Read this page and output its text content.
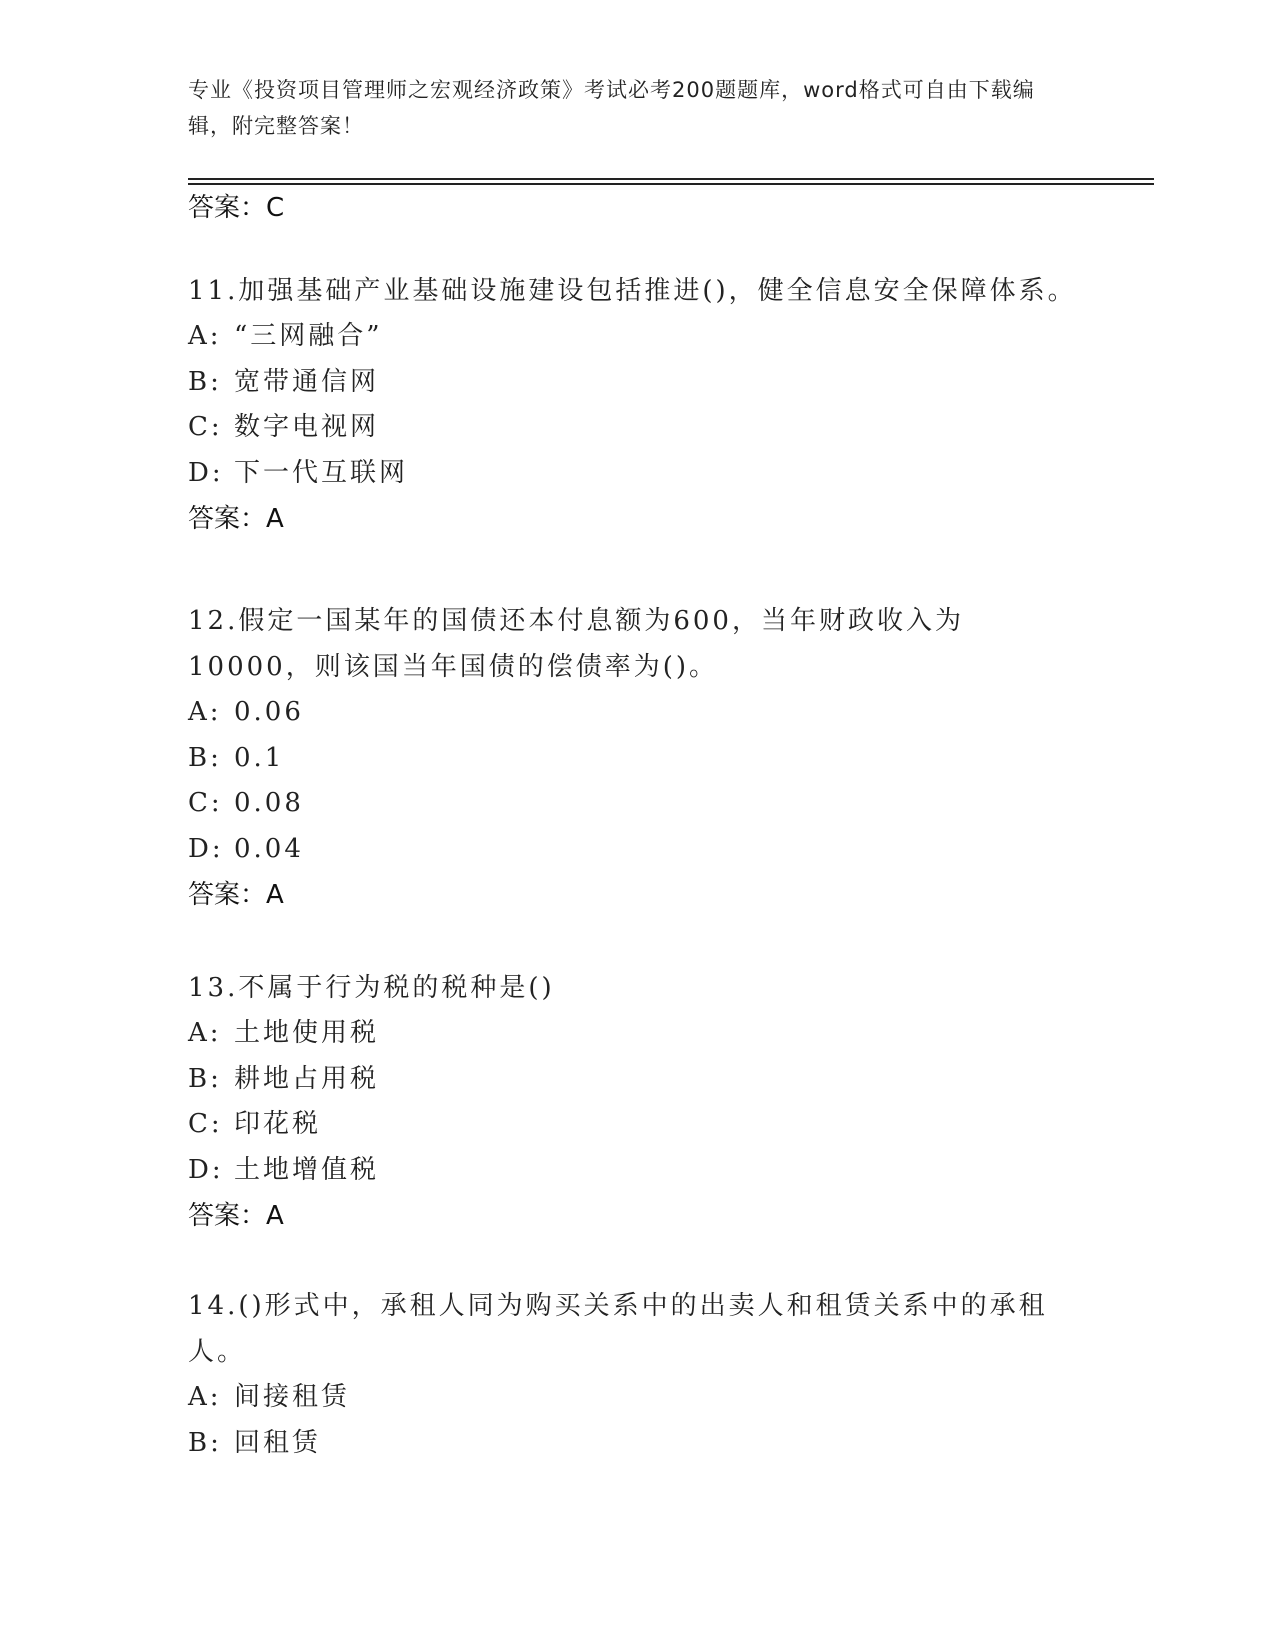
专业《投资项目管理师之宏观经济政策》考试必考200题题库，word格式可自由下载编辑，附完整答案！
答案：C
11.加强基础产业基础设施建设包括推进()，健全信息安全保障体系。
A: “三网融合”
B: 宽带通信网
C: 数字电视网
D: 下一代互联网
答案：A
12.假定一国某年的国债还本付息额为600，当年财政收入为10000，则该国当年国债的偿债率为()。
A: 0.06
B: 0.1
C: 0.08
D: 0.04
答案：A
13.不属于行为税的税种是()
A: 土地使用税
B: 耕地占用税
C: 印花税
D: 土地增值税
答案：A
14.()形式中，承租人同为购买关系中的出卖人和租赁关系中的承租人。
A: 间接租赁
B: 回租赁
